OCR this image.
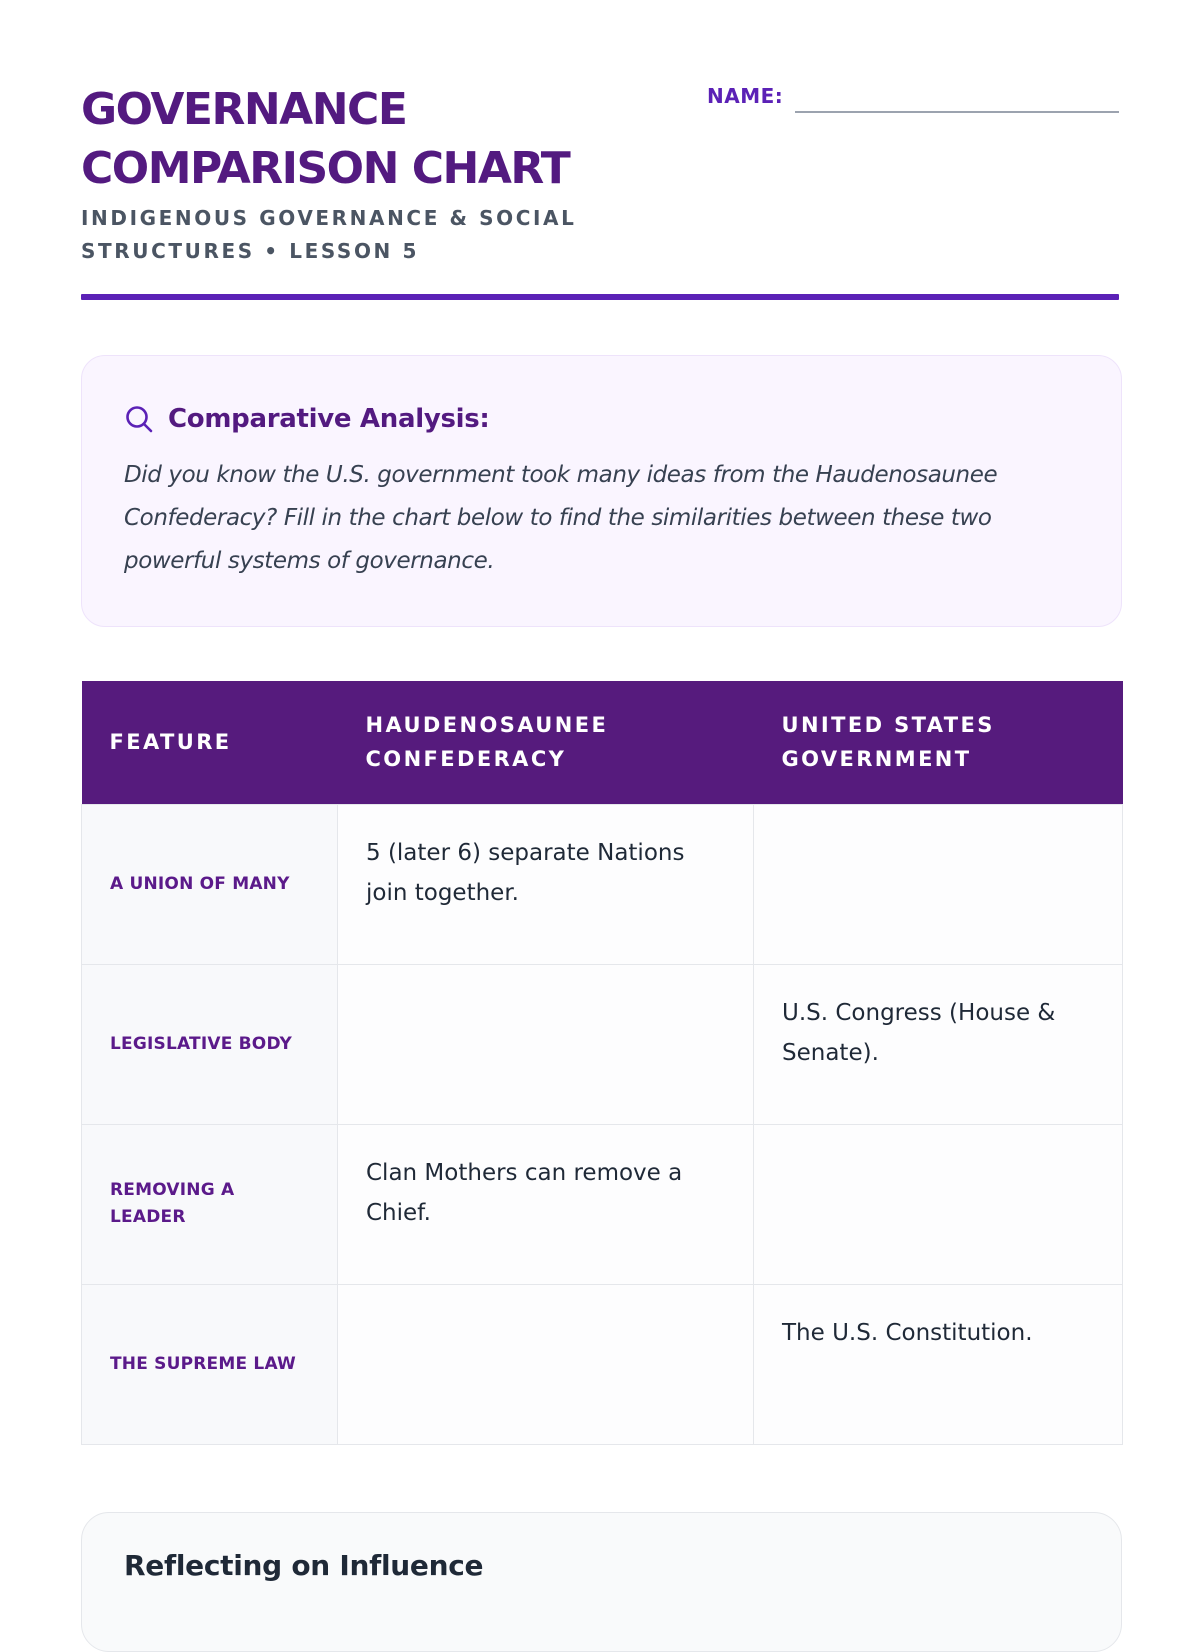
GOVERNANCE COMPARISON CHART
INDIGENOUS GOVERNANCE & SOCIAL STRUCTURES • LESSON 5
NAME:
Comparative Analysis:

Did you know the U.S. government took many ideas from the Haudenosaunee Confederacy? Fill in the chart below to find the similarities between these two powerful systems of governance.

FEATURE	HAUDENOSAUNEE CONFEDERACY	UNITED STATES GOVERNMENT
A UNION OF MANY	5 (later 6) separate Nations join together.	
LEGISLATIVE BODY		U.S. Congress (House & Senate).
REMOVING A LEADER	Clan Mothers can remove a Chief.	
THE SUPREME LAW		The U.S. Constitution.
Reflecting on Influence
